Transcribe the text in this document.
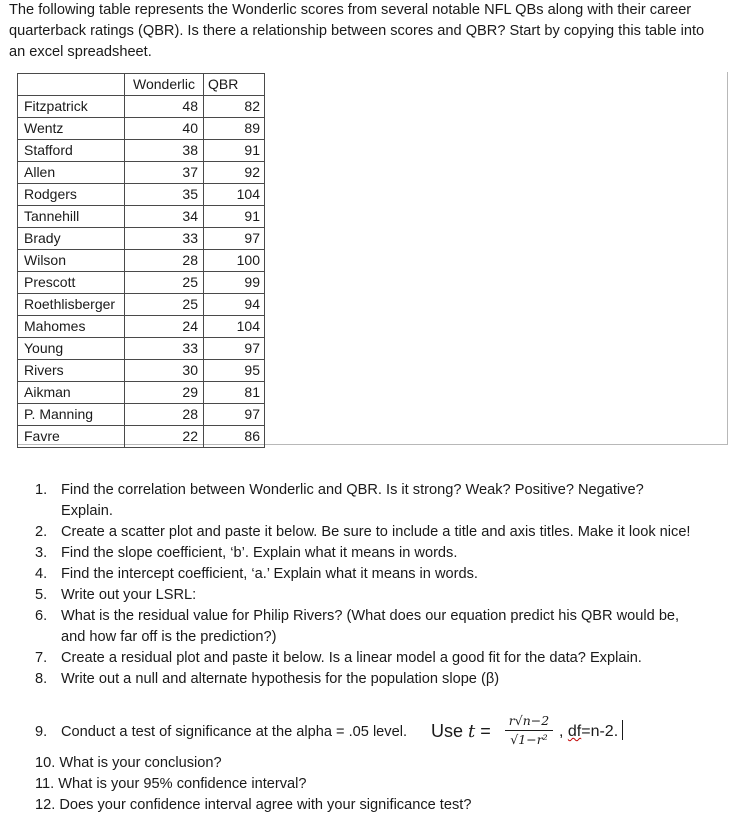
The following table represents the Wonderlic scores from several notable NFL QBs along with their career quarterback ratings (QBR). Is there a relationship between scores and QBR? Start by copying this table into an excel spreadsheet.
	Wonderlic	QBR
Fitzpatrick	48	82
Wentz	40	89
Stafford	38	91
Allen	37	92
Rodgers	35	104
Tannehill	34	91
Brady	33	97
Wilson	28	100
Prescott	25	99
Roethlisberger	25	94
Mahomes	24	104
Young	33	97
Rivers	30	95
Aikman	29	81
P. Manning	28	97
Favre	22	86
1. Find the correlation between Wonderlic and QBR. Is it strong? Weak? Positive? Negative? Explain.
2. Create a scatter plot and paste it below. Be sure to include a title and axis titles. Make it look nice!
3. Find the slope coefficient, ‘b’. Explain what it means in words.
4. Find the intercept coefficient, ‘a.’ Explain what it means in words.
5. Write out your LSRL:
6. What is the residual value for Philip Rivers? (What does our equation predict his QBR would be, and how far off is the prediction?)
7. Create a residual plot and paste it below. Is a linear model a good fit for the data? Explain.
8. Write out a null and alternate hypothesis for the population slope (β)
9. Conduct a test of significance at the alpha = .05 level. Use $t = \frac{r√n-2}{\text{√1−r²}}$ , df=n-2.
10. What is your conclusion?
11. What is your 95% confidence interval?
12. Does your confidence interval agree with your significance test?
